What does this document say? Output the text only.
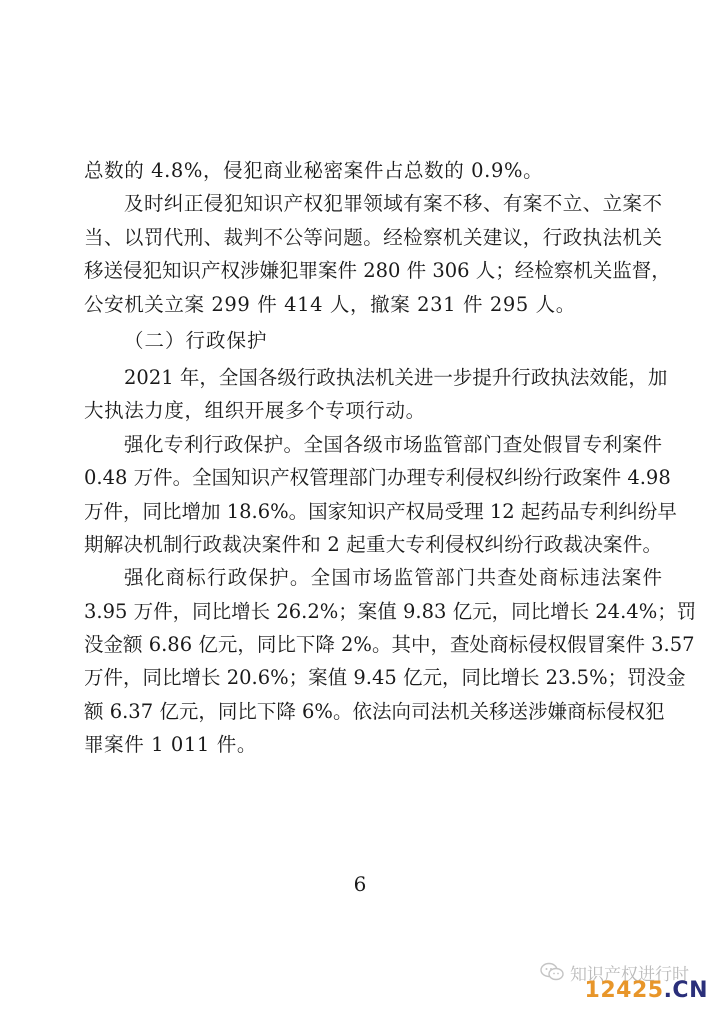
总数的 4.8%，侵犯商业秘密案件占总数的 0.9%。
及时纠正侵犯知识产权犯罪领域有案不移、有案不立、立案不
当、以罚代刑、裁判不公等问题。经检察机关建议，行政执法机关
移送侵犯知识产权涉嫌犯罪案件 280 件 306 人；经检察机关监督，
公安机关立案 299 件 414 人，撤案 231 件 295 人。
（二）行政保护
2021 年，全国各级行政执法机关进一步提升行政执法效能，加
大执法力度，组织开展多个专项行动。
强化专利行政保护。全国各级市场监管部门查处假冒专利案件
0.48 万件。全国知识产权管理部门办理专利侵权纠纷行政案件 4.98
万件，同比增加 18.6%。国家知识产权局受理 12 起药品专利纠纷早
期解决机制行政裁决案件和 2 起重大专利侵权纠纷行政裁决案件。
强化商标行政保护。全国市场监管部门共查处商标违法案件
3.95 万件，同比增长 26.2%；案值 9.83 亿元，同比增长 24.4%；罚
没金额 6.86 亿元，同比下降 2%。其中，查处商标侵权假冒案件 3.57
万件，同比增长 20.6%；案值 9.45 亿元，同比增长 23.5%；罚没金
额 6.37 亿元，同比下降 6%。依法向司法机关移送涉嫌商标侵权犯
罪案件 1 011 件。
6
知识产权进行时
12425.CN
